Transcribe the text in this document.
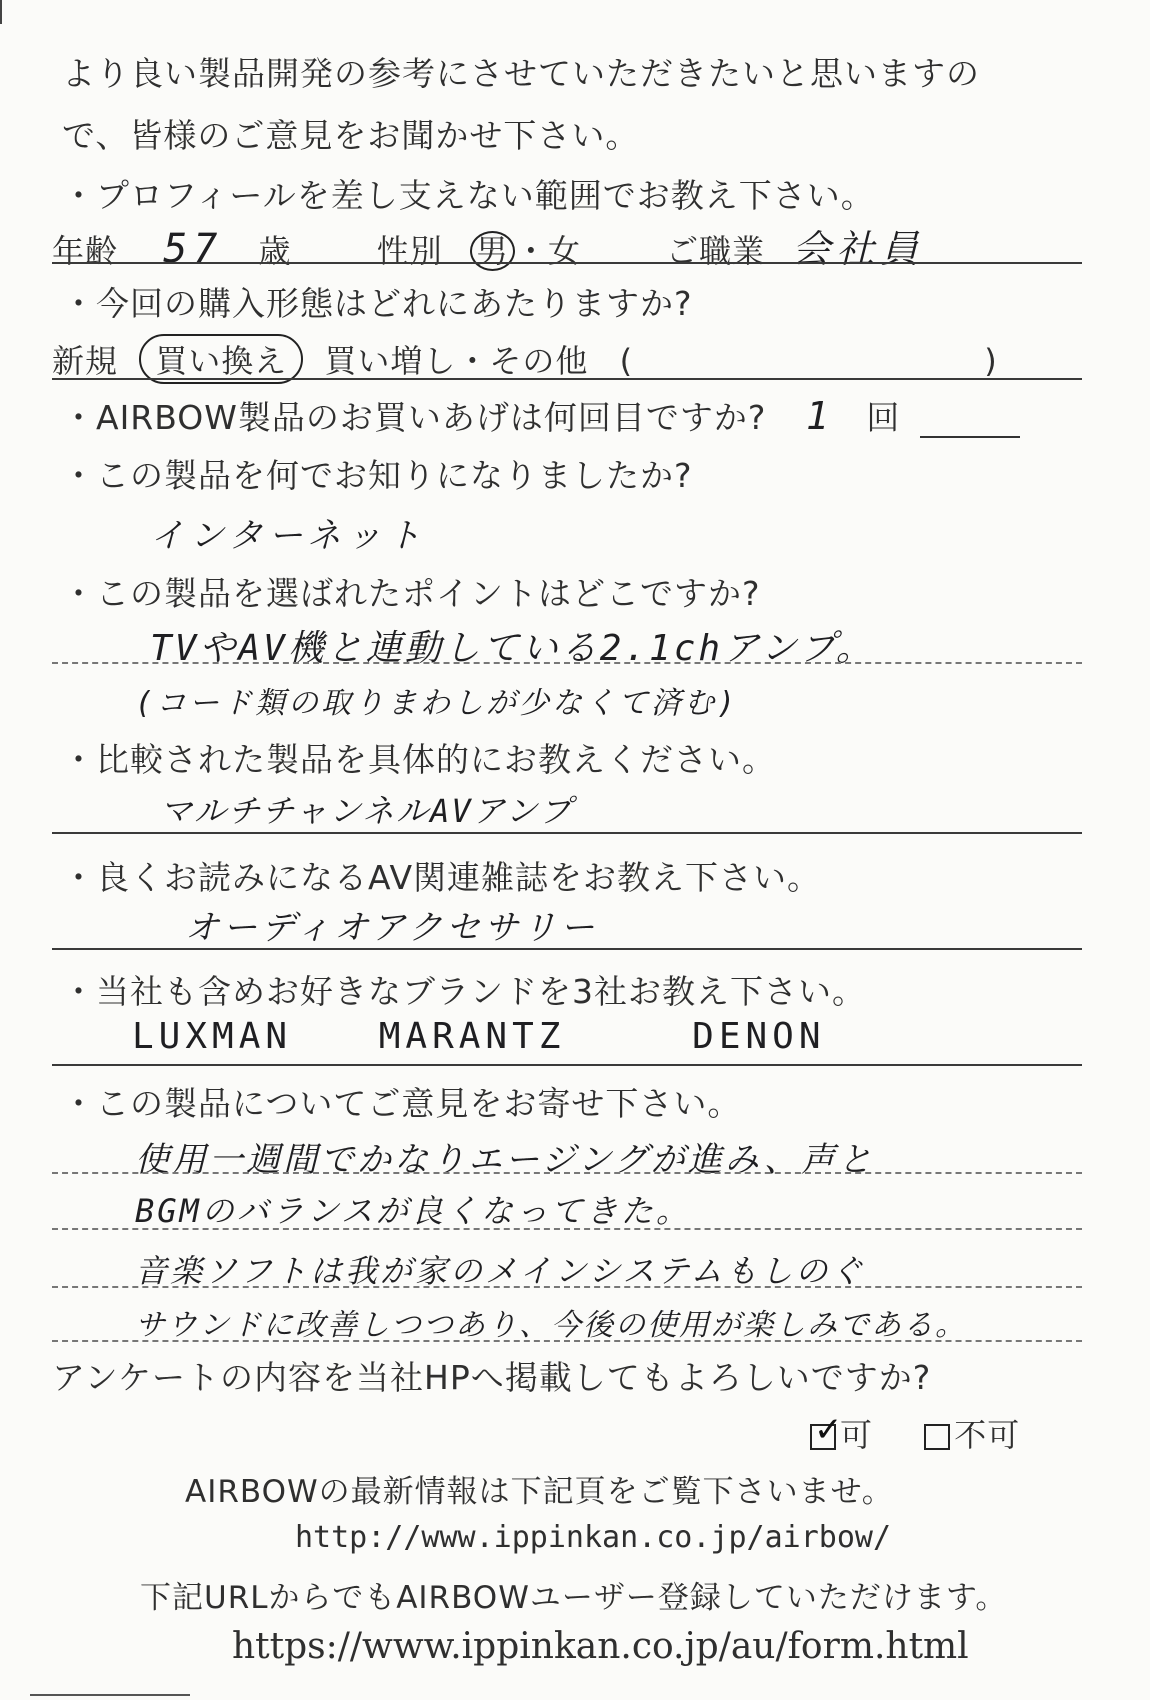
より良い製品開発の参考にさせていただきたいと思いますの
で、皆様のご意見をお聞かせ下さい。
・プロフィールを差し支えない範囲でお教え下さい。
年齢 57 歳	性別 男 ・女	ご職業 会社員
・今回の購入形態はどれにあたりますか?
新規 買い換え 買い増し・その他 (	)
・AIRBOW製品のお買いあげは何回目ですか? 1 回
・この製品を何でお知りになりましたか?
インターネット
・この製品を選ばれたポイントはどこですか?
TVやAV機と連動している2.1chアンプ。
(コード類の取りまわしが少なくて済む)
・比較された製品を具体的にお教えください。
マルチチャンネルAVアンプ
・良くお読みになるAV関連雑誌をお教え下さい。
オーディオアクセサリー
・当社も含めお好きなブランドを3社お教え下さい。
LUXMAN MARANTZ	DENON
・この製品についてご意見をお寄せ下さい。
使用一週間でかなりエージングが進み、声と
BGMのバランスが良くなってきた。
音楽ソフトは我が家のメインシステムもしのぐ
サウンドに改善しつつあり、今後の使用が楽しみである。
アンケートの内容を当社HPへ掲載してもよろしいですか?
✓
可	不可
AIRBOWの最新情報は下記頁をご覧下さいませ。
http://www.ippinkan.co.jp/airbow/
下記URLからでもAIRBOWユーザー登録していただけます。
https://www.ippinkan.co.jp/au/form.html
